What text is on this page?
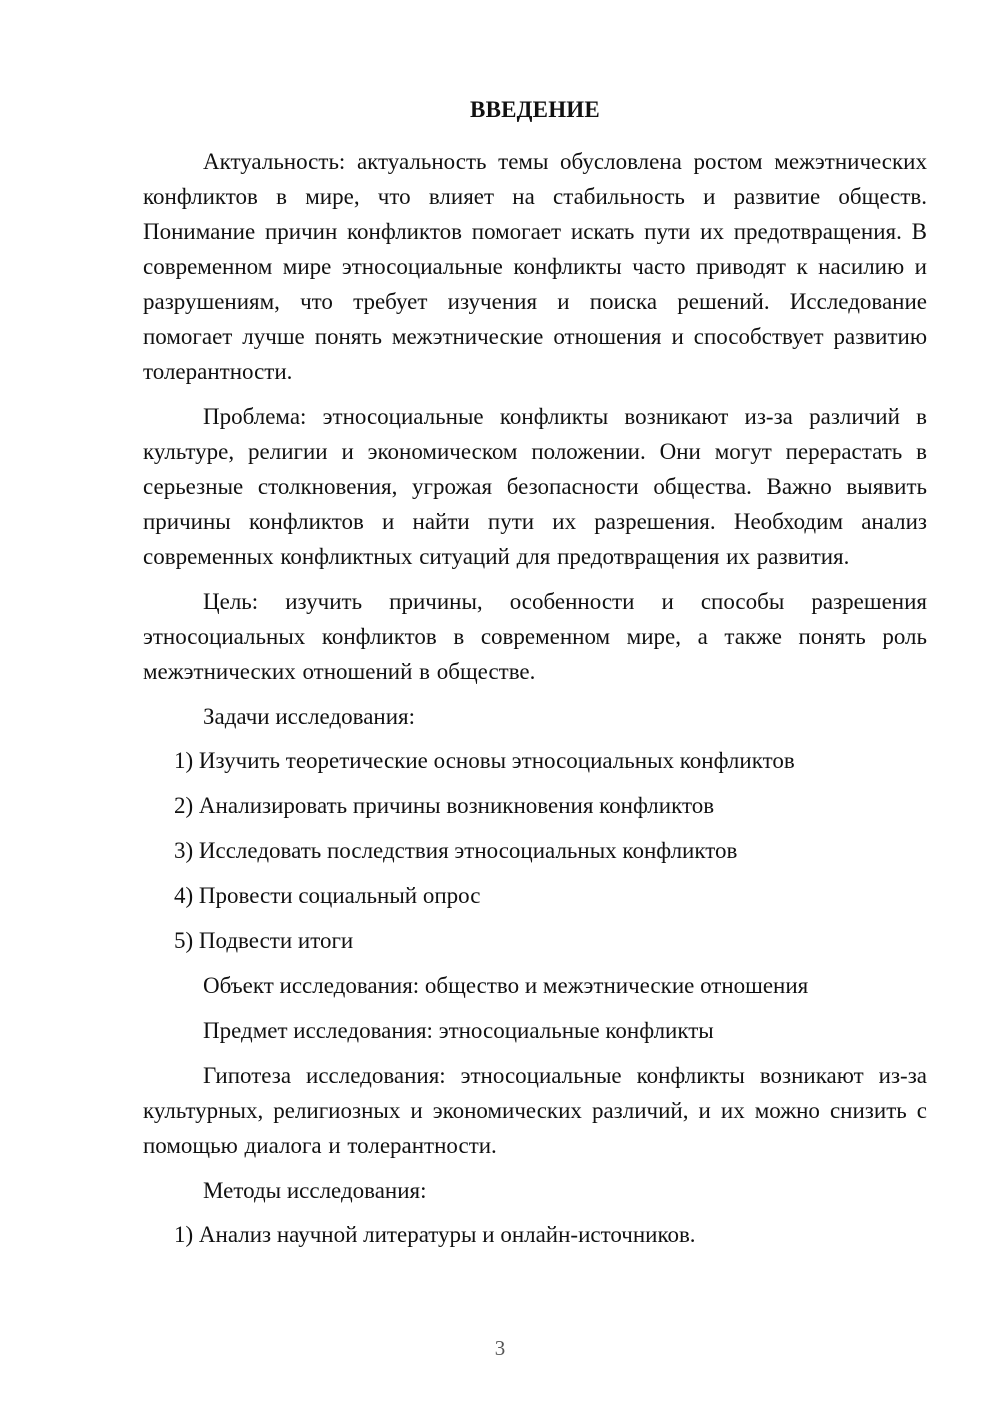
ВВЕДЕНИЕ

Актуальность: актуальность темы обусловлена ростом межэтнических конфликтов в мире, что влияет на стабильность и развитие обществ. Понимание причин конфликтов помогает искать пути их предотвращения. В современном мире этносоциальные конфликты часто приводят к насилию и разрушениям, что требует изучения и поиска решений. Исследование помогает лучше понять межэтнические отношения и способствует развитию толерантности.

Проблема: этносоциальные конфликты возникают из-за различий в культуре, религии и экономическом положении. Они могут перерастать в серьезные столкновения, угрожая безопасности общества. Важно выявить причины конфликтов и найти пути их разрешения. Необходим анализ современных конфликтных ситуаций для предотвращения их развития.

Цель: изучить причины, особенности и способы разрешения этносоциальных конфликтов в современном мире, а также понять роль межэтнических отношений в обществе.

Задачи исследования:

1) Изучить теоретические основы этносоциальных конфликтов
2) Анализировать причины возникновения конфликтов
3) Исследовать последствия этносоциальных конфликтов
4) Провести социальный опрос
5) Подвести итоги

Объект исследования: общество и межэтнические отношения

Предмет исследования: этносоциальные конфликты

Гипотеза исследования: этносоциальные конфликты возникают из-за культурных, религиозных и экономических различий, и их можно снизить с помощью диалога и толерантности.

Методы исследования:

1) Анализ научной литературы и онлайн-источников.
3
